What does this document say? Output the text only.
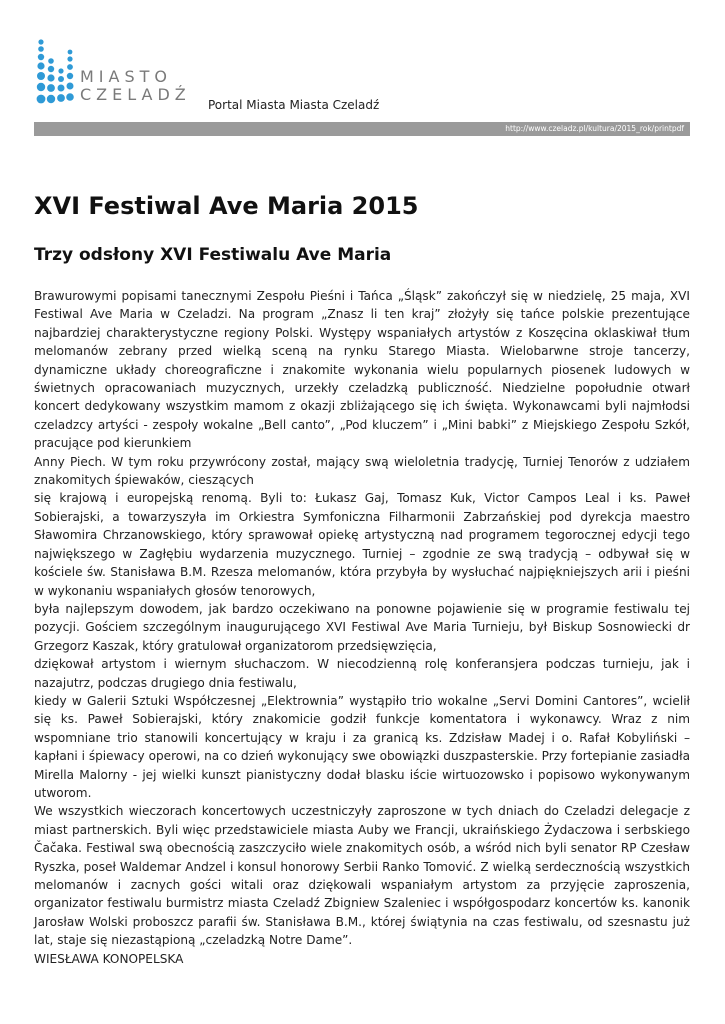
MIASTO
CZELADŹ
Portal Miasta Miasta Czeladź
http://www.czeladz.pl/kultura/2015_rok/printpdf
XVI Festiwal Ave Maria 2015
Trzy odsłony XVI Festiwalu Ave Maria

Brawurowymi popisami tanecznymi Zespołu Pieśni i Tańca „Śląsk” zakończył się w niedzielę, 25 maja, XVI Festiwal Ave Maria w Czeladzi. Na program „Znasz li ten kraj” złożyły się tańce polskie prezentujące najbardziej charakterystyczne regiony Polski. Występy wspaniałych artystów z Koszęcina oklaskiwał tłum melomanów zebrany przed wielką sceną na rynku Starego Miasta. Wielobarwne stroje tancerzy, dynamiczne układy choreograficzne i znakomite wykonania wielu popularnych piosenek ludowych w świetnych opracowaniach muzycznych, urzekły czeladzką publiczność. Niedzielne popołudnie otwarł koncert dedykowany wszystkim mamom z okazji zbliżającego się ich święta. Wykonawcami byli najmłodsi czeladzcy artyści - zespoły wokalne „Bell canto”, „Pod kluczem” i „Mini babki” z Miejskiego Zespołu Szkół, pracujące pod kierunkiem

Anny Piech. W tym roku przywrócony został, mający swą wieloletnia tradycję, Turniej Tenorów z udziałem znakomitych śpiewaków, cieszących

się krajową i europejską renomą. Byli to: Łukasz Gaj, Tomasz Kuk, Victor Campos Leal i ks. Paweł Sobierajski, a towarzyszyła im Orkiestra Symfoniczna Filharmonii Zabrzańskiej pod dyrekcja maestro Sławomira Chrzanowskiego, który sprawował opiekę artystyczną nad programem tegorocznej edycji tego największego w Zagłębiu wydarzenia muzycznego. Turniej – zgodnie ze swą tradycją – odbywał się w kościele św. Stanisława B.M. Rzesza melomanów, która przybyła by wysłuchać najpiękniejszych arii i pieśni w wykonaniu wspaniałych głosów tenorowych,

była najlepszym dowodem, jak bardzo oczekiwano na ponowne pojawienie się w programie festiwalu tej pozycji. Gościem szczególnym inaugurującego XVI Festiwal Ave Maria Turnieju, był Biskup Sosnowiecki dr Grzegorz Kaszak, który gratulował organizatorom przedsięwzięcia,

dziękował artystom i wiernym słuchaczom. W niecodzienną rolę konferansjera podczas turnieju, jak i nazajutrz, podczas drugiego dnia festiwalu,

kiedy w Galerii Sztuki Współczesnej „Elektrownia” wystąpiło trio wokalne „Servi Domini Cantores”, wcielił się ks. Paweł Sobierajski, który znakomicie godził funkcje komentatora i wykonawcy. Wraz z nim wspomniane trio stanowili koncertujący w kraju i za granicą ks. Zdzisław Madej i o. Rafał Kobyliński – kapłani i śpiewacy operowi, na co dzień wykonujący swe obowiązki duszpasterskie. Przy fortepianie zasiadła Mirella Malorny - jej wielki kunszt pianistyczny dodał blasku iście wirtuozowsko i popisowo wykonywanym utworom.

We wszystkich wieczorach koncertowych uczestniczyły zaproszone w tych dniach do Czeladzi delegacje z miast partnerskich. Byli więc przedstawiciele miasta Auby we Francji, ukraińskiego Żydaczowa i serbskiego Čačaka. Festiwal swą obecnością zaszczyciło wiele znakomitych osób, a wśród nich byli senator RP Czesław Ryszka, poseł Waldemar Andzel i konsul honorowy Serbii Ranko Tomović. Z wielką serdecznością wszystkich melomanów i zacnych gości witali oraz dziękowali wspaniałym artystom za przyjęcie zaproszenia, organizator festiwalu burmistrz miasta Czeladź Zbigniew Szaleniec i współgospodarz koncertów ks. kanonik Jarosław Wolski proboszcz parafii św. Stanisława B.M., której świątynia na czas festiwalu, od szesnastu już lat, staje się niezastąpioną „czeladzką Notre Dame”.

WIESŁAWA KONOPELSKA
